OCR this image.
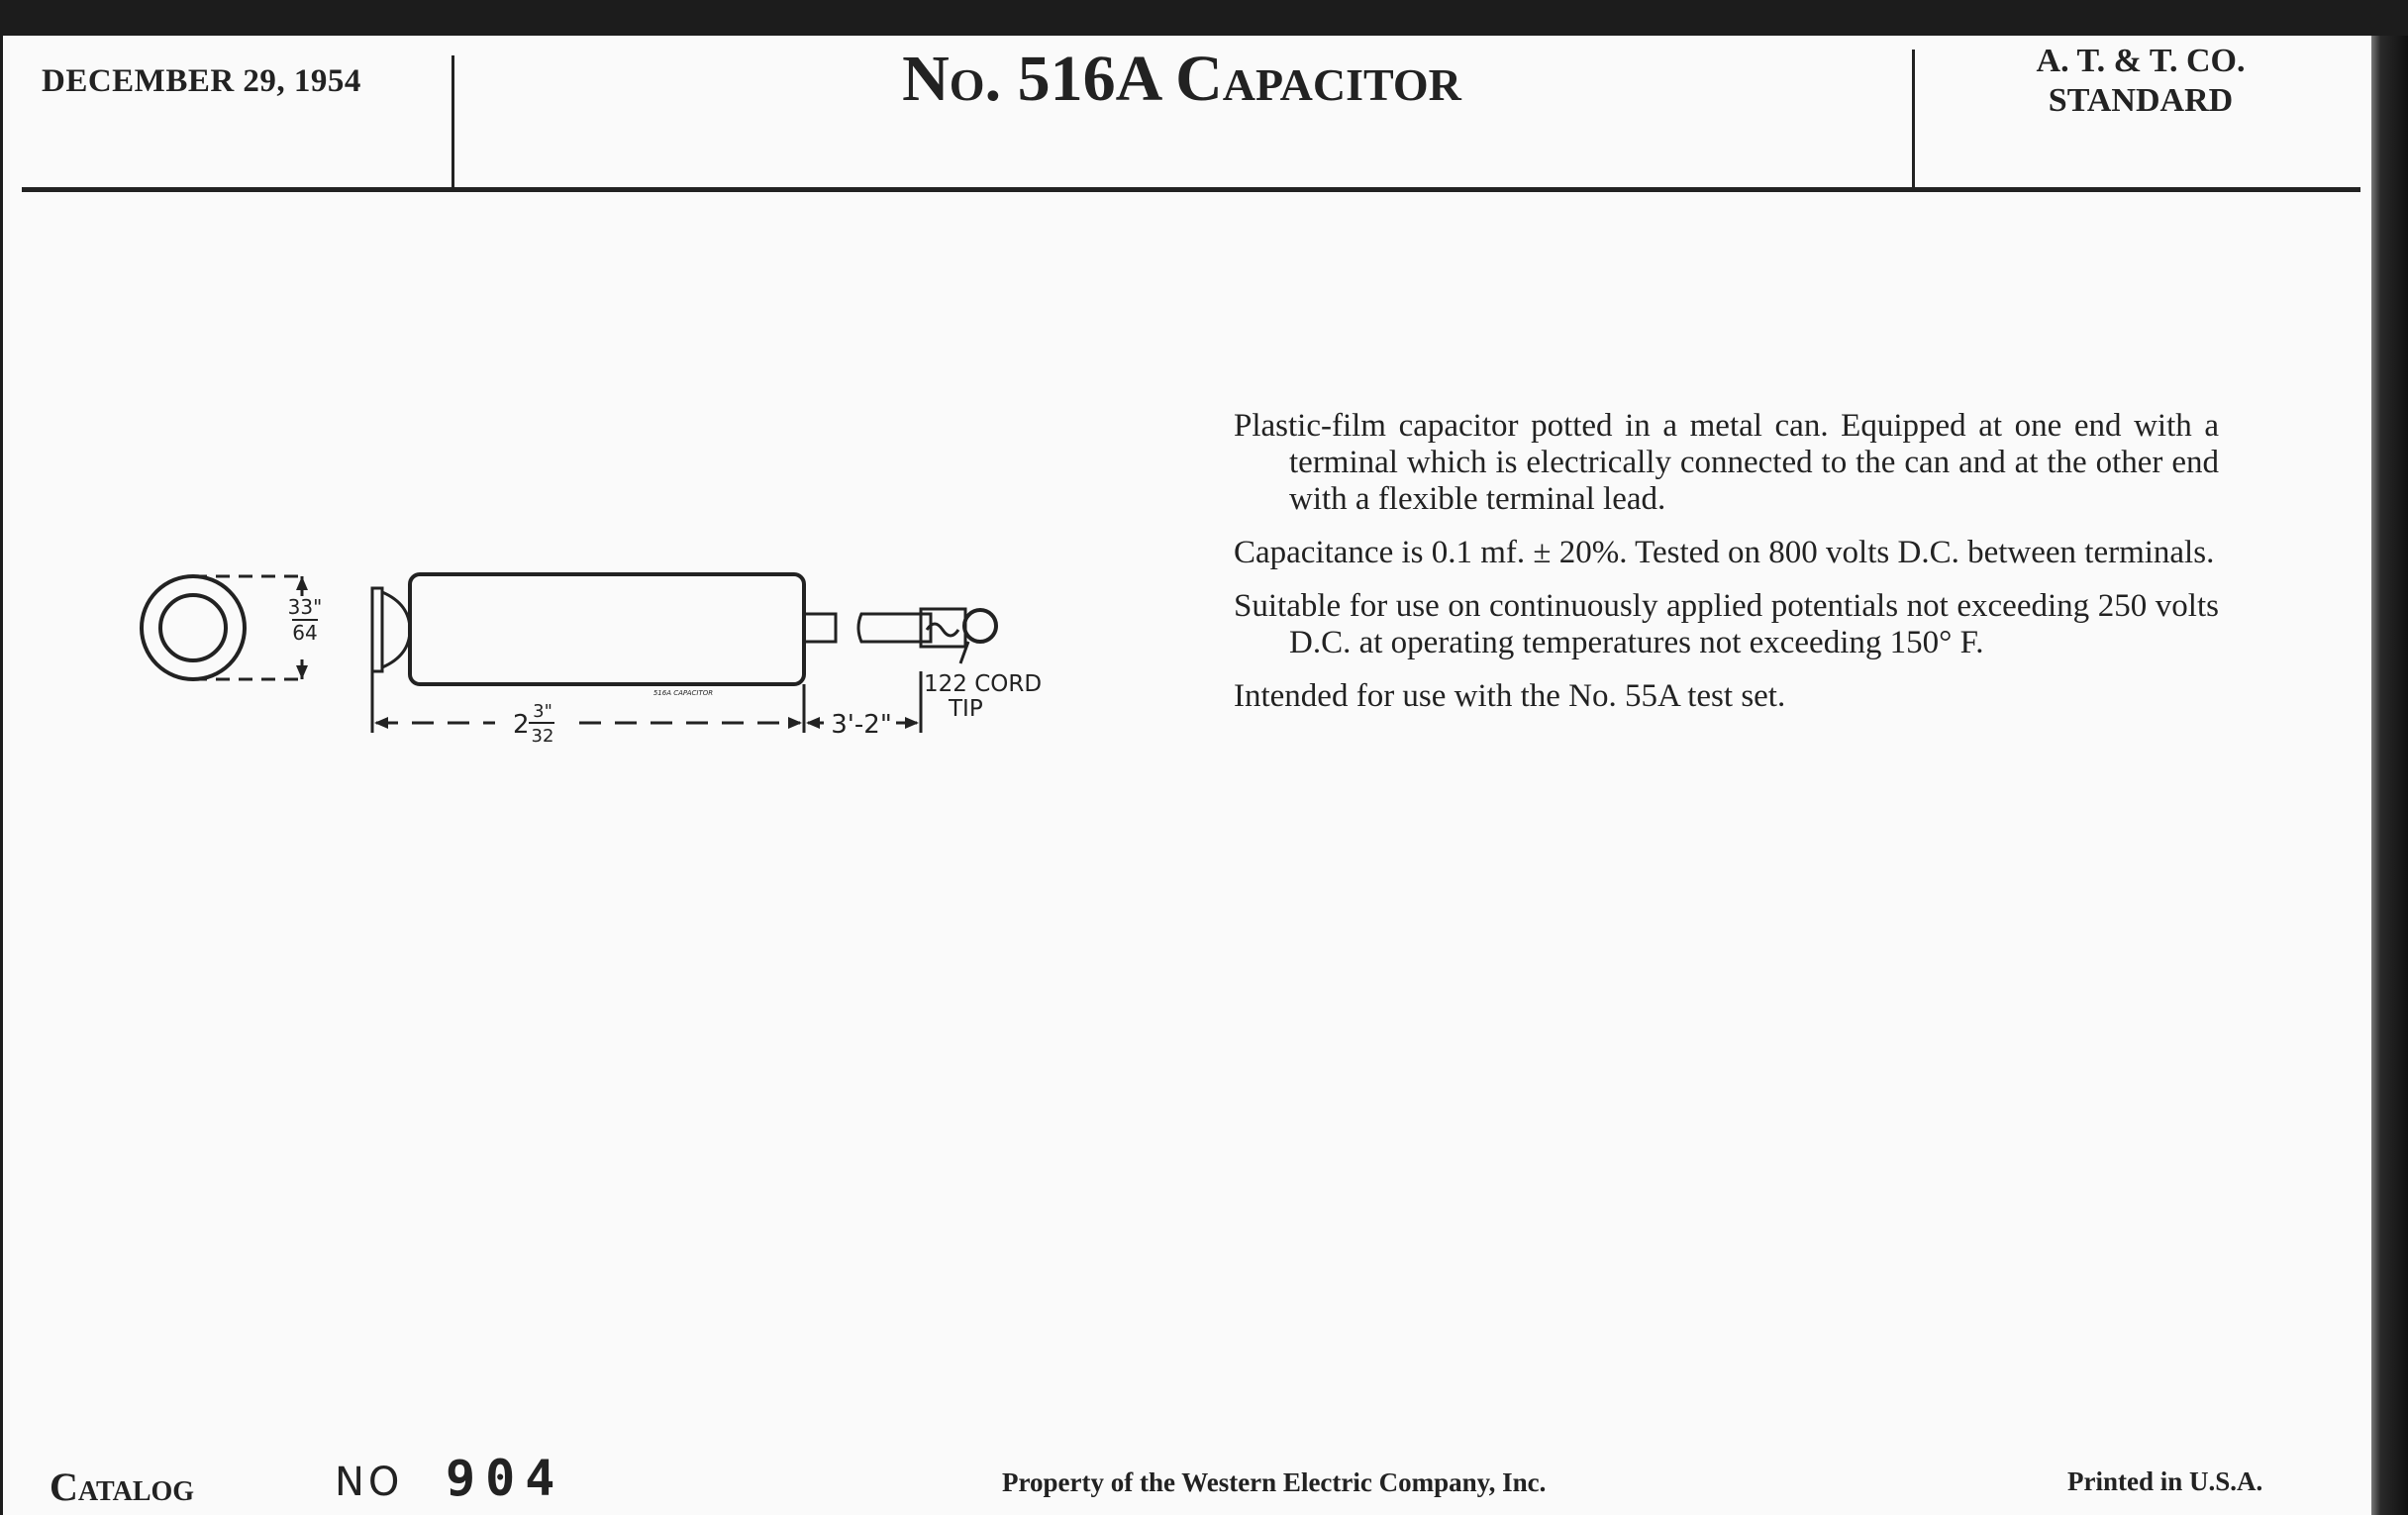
DECEMBER 29, 1954	No. 516A Capacitor	A. T. & T. CO.
STANDARD
33"
64
2 3"
32	3'-2"
122 CORD
TIP
516A CAPACITOR

Plastic-film capacitor potted in a metal can. Equipped at one end with a terminal which is electrically connected to the can and at the other end with a flexible terminal lead.

Capacitance is 0.1 mf. ± 20%. Tested on 800 volts D.C. between terminals.

Suitable for use on continuously applied potentials not exceeding 250 volts D.C. at operating temperatures not exceeding 150° F.

Intended for use with the No. 55A test set.

Catalog	NO 904	Property of the Western Electric Company, Inc.	Printed in U.S.A.
